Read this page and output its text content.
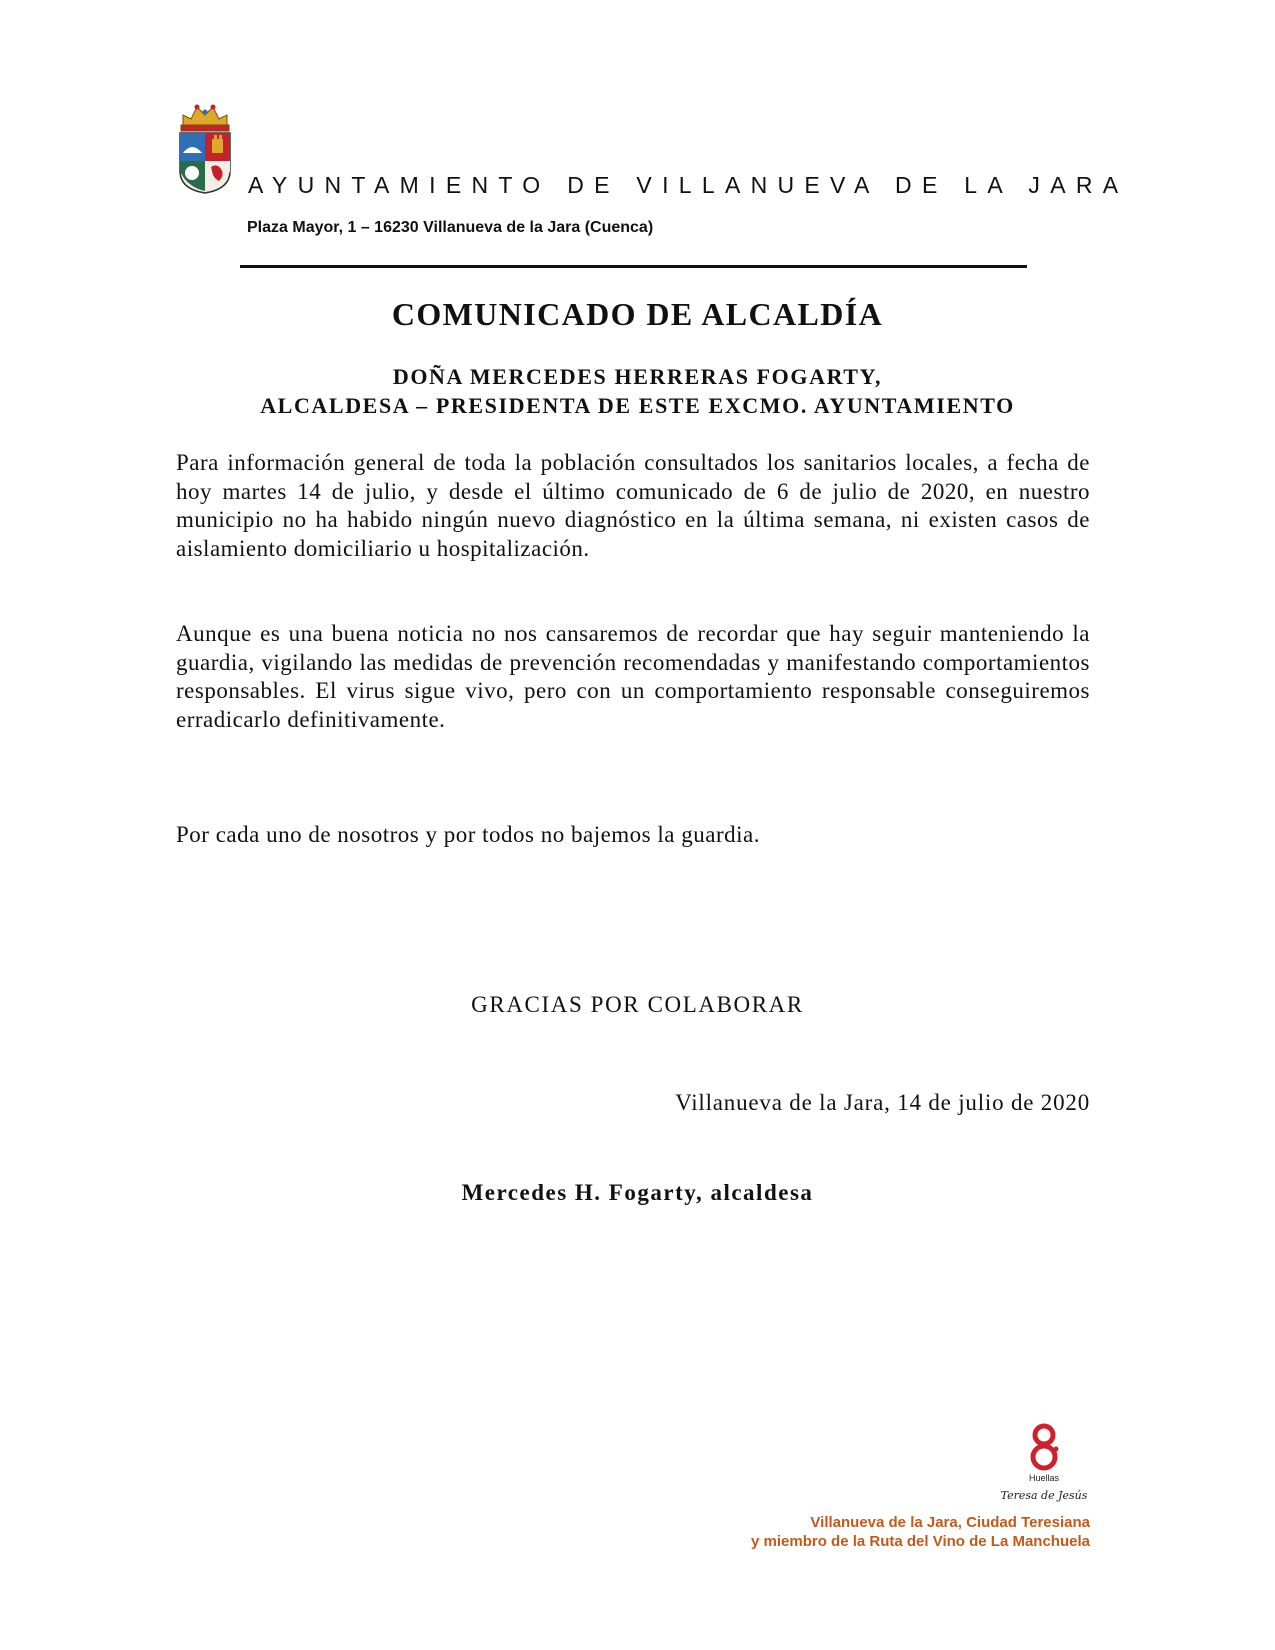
AYUNTAMIENTO DE VILLANUEVA DE LA JARA

Plaza Mayor, 1 – 16230 Villanueva de la Jara (Cuenca)

COMUNICADO DE ALCALDÍA

DOÑA MERCEDES HERRERAS FOGARTY,

ALCALDESA – PRESIDENTA DE ESTE EXCMO. AYUNTAMIENTO

Para información general de toda la población consultados los sanitarios locales, a fecha de hoy martes 14 de julio, y desde el último comunicado de 6 de julio de 2020, en nuestro municipio no ha habido ningún nuevo diagnóstico en la última semana, ni existen casos de aislamiento domiciliario u hospitalización.

Aunque es una buena noticia no nos cansaremos de recordar que hay seguir manteniendo la guardia, vigilando las medidas de prevención recomendadas y manifestando comportamientos responsables. El virus sigue vivo, pero con un comportamiento responsable conseguiremos erradicarlo definitivamente.

Por cada uno de nosotros y por todos no bajemos la guardia.

GRACIAS POR COLABORAR

Villanueva de la Jara, 14 de julio de 2020

Mercedes H. Fogarty, alcaldesa

Huellas
Teresa de Jesús

Villanueva de la Jara, Ciudad Teresiana
y miembro de la Ruta del Vino de La Manchuela
